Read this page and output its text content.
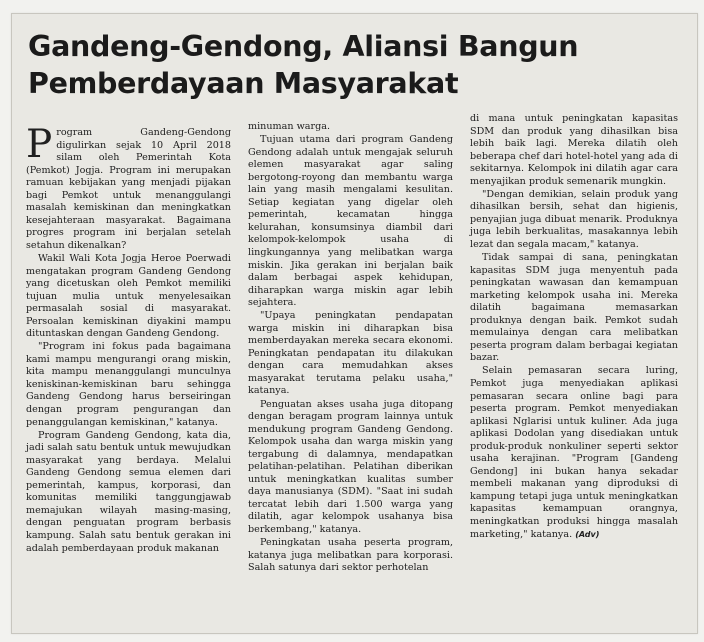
Gandeng-Gendong, Aliansi Bangun
Pemberdayaan Masyarakat

Program Gandeng-Gendong digulirkan sejak 10 April 2018 silam oleh Pemerintah Kota (Pemkot) Jogja. Program ini merupakan ramuan kebijakan yang menjadi pijakan bagi Pemkot untuk menanggulangi masalah kemiskinan dan meningkatkan kesejahteraan masyarakat. Bagaimana progres program ini berjalan setelah setahun dikenalkan?

Wakil Wali Kota Jogja Heroe Poerwadi mengatakan program Gandeng Gendong yang dicetuskan oleh Pemkot memiliki tujuan mulia untuk menyelesaikan permasalah sosial di masyarakat. Persoalan kemiskinan diyakini mampu dituntaskan dengan Gandeng Gendong.

"Program ini fokus pada bagaimana kami mampu mengurangi orang miskin, kita mampu menanggulangi munculnya keniskinan-kemiskinan baru sehingga Gandeng Gendong harus berseiringan dengan program pengurangan dan penanggulangan kemiskinan," katanya.

Program Gandeng Gendong, kata dia, jadi salah satu bentuk untuk mewujudkan masyarakat yang berdaya. Melalui Gandeng Gendong semua elemen dari pemerintah, kampus, korporasi, dan komunitas memiliki tanggungjawab memajukan wilayah masing-masing, dengan penguatan program berbasis kampung. Salah satu bentuk gerakan ini adalah pemberdayaan produk makanan

minuman warga.

Tujuan utama dari program Gandeng Gendong adalah untuk mengajak seluruh elemen masyarakat agar saling bergotong-royong dan membantu warga lain yang masih mengalami kesulitan. Setiap kegiatan yang digelar oleh pemerintah, kecamatan hingga kelurahan, konsumsinya diambil dari kelompok-kelompok usaha di lingkungannya yang melibatkan warga miskin. Jika gerakan ini berjalan baik dalam berbagai aspek kehidupan, diharapkan warga miskin agar lebih sejahtera.

"Upaya peningkatan pendapatan warga miskin ini diharapkan bisa memberdayakan mereka secara ekonomi. Peningkatan pendapatan itu dilakukan dengan cara memudahkan akses masyarakat terutama pelaku usaha," katanya.

Penguatan akses usaha juga ditopang dengan beragam program lainnya untuk mendukung program Gandeng Gendong. Kelompok usaha dan warga miskin yang tergabung di dalamnya, mendapatkan pelatihan-pelatihan. Pelatihan diberikan untuk meningkatkan kualitas sumber daya manusianya (SDM). "Saat ini sudah tercatat lebih dari 1.500 warga yang dilatih, agar kelompok usahanya bisa berkembang," katanya.

Peningkatan usaha peserta program, katanya juga melibatkan para korporasi. Salah satunya dari sektor perhotelan

di mana untuk peningkatan kapasitas SDM dan produk yang dihasilkan bisa lebih baik lagi. Mereka dilatih oleh beberapa chef dari hotel-hotel yang ada di sekitarnya. Kelompok ini dilatih agar cara menyajikan produk semenarik mungkin.

"Dengan demikian, selain produk yang dihasilkan bersih, sehat dan higienis, penyajian juga dibuat menarik. Produknya juga lebih berkualitas, masakannya lebih lezat dan segala macam," katanya.

Tidak sampai di sana, peningkatan kapasitas SDM juga menyentuh pada peningkatan wawasan dan kemampuan marketing kelompok usaha ini. Mereka dilatih bagaimana memasarkan produknya dengan baik. Pemkot sudah memulainya dengan cara melibatkan peserta program dalam berbagai kegiatan bazar.

Selain pemasaran secara luring, Pemkot juga menyediakan aplikasi pemasaran secara online bagi para peserta program. Pemkot menyediakan aplikasi Nglarisi untuk kuliner. Ada juga aplikasi Dodolan yang disediakan untuk produk-produk nonkuliner seperti sektor usaha kerajinan. "Program [Gandeng Gendong] ini bukan hanya sekadar membeli makanan yang diproduksi di kampung tetapi juga untuk meningkatkan kapasitas kemampuan orangnya, meningkatkan produksi hingga masalah marketing," katanya. (Adv)
